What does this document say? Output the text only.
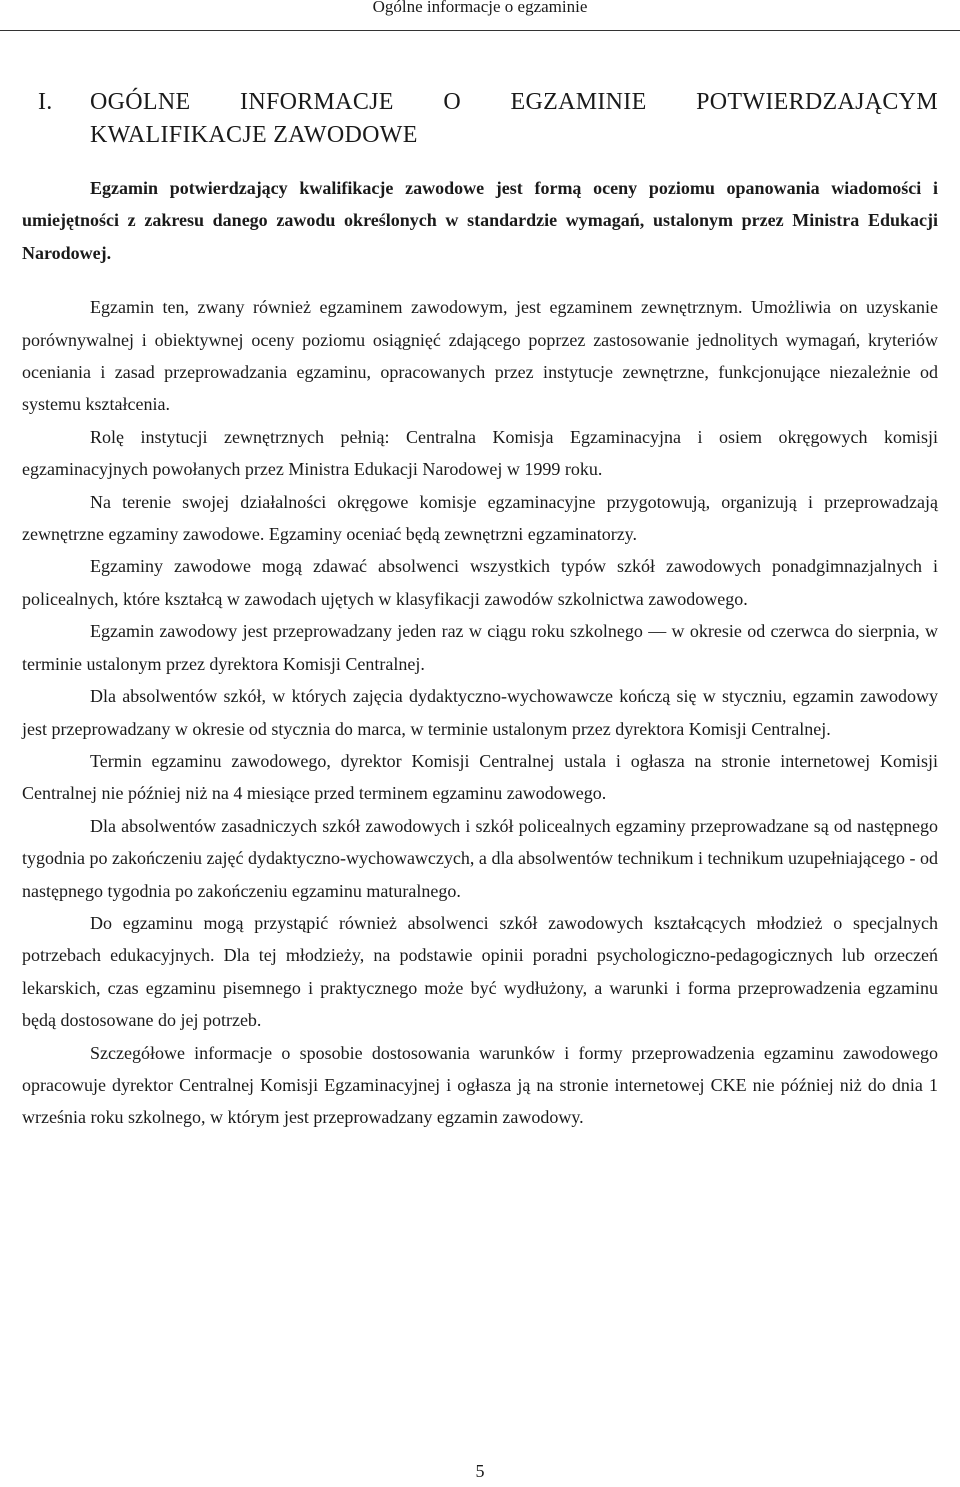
Ogólne informacje o egzaminie
I. OGÓLNE INFORMACJE O EGZAMINIE POTWIERDZAJĄCYM
KWALIFIKACJE ZAWODOWE

Egzamin potwierdzający kwalifikacje zawodowe jest formą oceny poziomu opanowania wiadomości i umiejętności z zakresu danego zawodu określonych w standardzie wymagań, ustalonym przez Ministra Edukacji Narodowej.

Egzamin ten, zwany również egzaminem zawodowym, jest egzaminem zewnętrznym. Umożliwia on uzyskanie porównywalnej i obiektywnej oceny poziomu osiągnięć zdającego poprzez zastosowanie jednolitych wymagań, kryteriów oceniania i zasad przeprowadzania egzaminu, opracowanych przez instytucje zewnętrzne, funkcjonujące niezależnie od systemu kształcenia.

Rolę instytucji zewnętrznych pełnią: Centralna Komisja Egzaminacyjna i osiem okręgowych komisji egzaminacyjnych powołanych przez Ministra Edukacji Narodowej w 1999 roku.

Na terenie swojej działalności okręgowe komisje egzaminacyjne przygotowują, organizują i przeprowadzają zewnętrzne egzaminy zawodowe. Egzaminy oceniać będą zewnętrzni egzaminatorzy.

Egzaminy zawodowe mogą zdawać absolwenci wszystkich typów szkół zawodowych ponadgimnazjalnych i policealnych, które kształcą w zawodach ujętych w klasyfikacji zawodów szkolnictwa zawodowego.

Egzamin zawodowy jest przeprowadzany jeden raz w ciągu roku szkolnego — w okresie od czerwca do sierpnia, w terminie ustalonym przez dyrektora Komisji Centralnej.

Dla absolwentów szkół, w których zajęcia dydaktyczno-wychowawcze kończą się w styczniu, egzamin zawodowy jest przeprowadzany w okresie od stycznia do marca, w terminie ustalonym przez dyrektora Komisji Centralnej.

Termin egzaminu zawodowego, dyrektor Komisji Centralnej ustala i ogłasza na stronie internetowej Komisji Centralnej nie później niż na 4 miesiące przed terminem egzaminu zawodowego.

Dla absolwentów zasadniczych szkół zawodowych i szkół policealnych egzaminy przeprowadzane są od następnego tygodnia po zakończeniu zajęć dydaktyczno-wychowawczych, a dla absolwentów technikum i technikum uzupełniającego - od następnego tygodnia po zakończeniu egzaminu maturalnego.

Do egzaminu mogą przystąpić również absolwenci szkół zawodowych kształcących młodzież o specjalnych potrzebach edukacyjnych. Dla tej młodzieży, na podstawie opinii poradni psychologiczno-pedagogicznych lub orzeczeń lekarskich, czas egzaminu pisemnego i praktycznego może być wydłużony, a warunki i forma przeprowadzenia egzaminu będą dostosowane do jej potrzeb.

Szczegółowe informacje o sposobie dostosowania warunków i formy przeprowadzenia egzaminu zawodowego opracowuje dyrektor Centralnej Komisji Egzaminacyjnej i ogłasza ją na stronie internetowej CKE nie później niż do dnia 1 września roku szkolnego, w którym jest przeprowadzany egzamin zawodowy.

5
